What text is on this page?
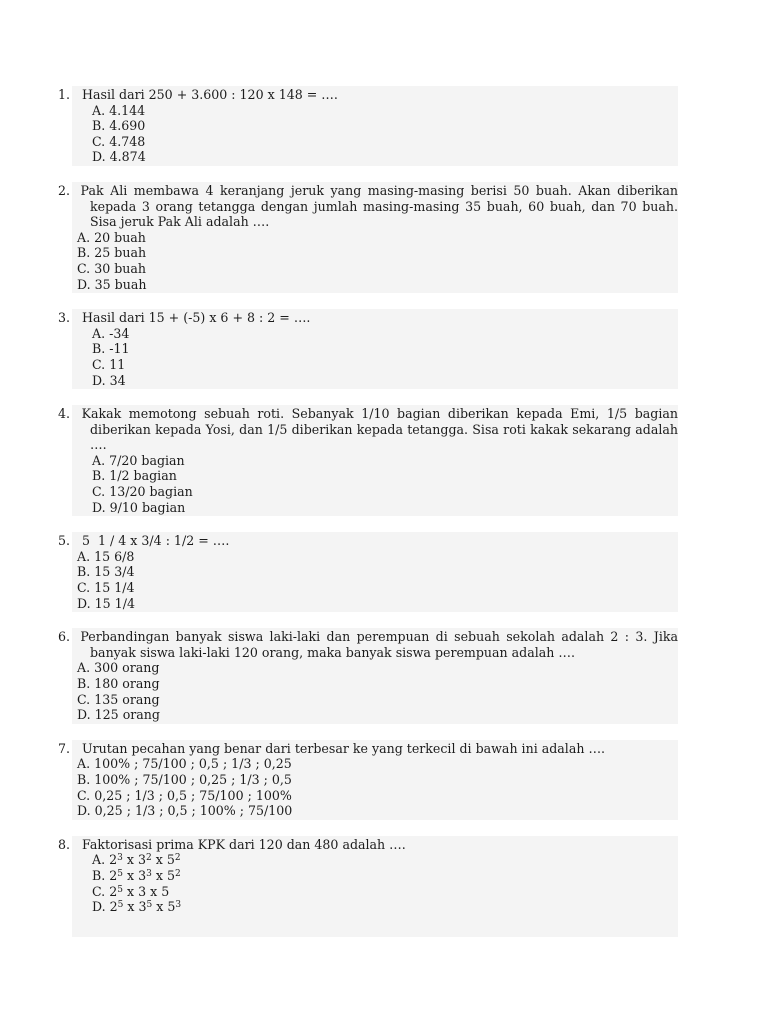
1. Hasil dari 250 + 3.600 : 120 x 148 = ….
A. 4.144
B. 4.690
C. 4.748
D. 4.874
2. Pak Ali membawa 4 keranjang jeruk yang masing-masing berisi 50 buah. Akan diberikan kepada 3 orang tetangga dengan jumlah masing-masing 35 buah, 60 buah, dan 70 buah. Sisa jeruk Pak Ali adalah ….
A. 20 buah
B. 25 buah
C. 30 buah
D. 35 buah
3. Hasil dari 15 + (-5) x 6 + 8 : 2 = ….
A. -34
B. -11
C. 11
D. 34
4. Kakak memotong sebuah roti. Sebanyak 1/10 bagian diberikan kepada Emi, 1/5 bagian diberikan kepada Yosi, dan 1/5 diberikan kepada tetangga. Sisa roti kakak sekarang adalah ….
A. 7/20 bagian
B. 1/2 bagian
C. 13/20 bagian
D. 9/10 bagian
5. 5  1 / 4 x 3/4 : 1/2 = ….
A. 15 6/8
B. 15 3/4
C. 15 1/4
D. 15 1/4
6. Perbandingan banyak siswa laki-laki dan perempuan di sebuah sekolah adalah 2 : 3. Jika banyak siswa laki-laki 120 orang, maka banyak siswa perempuan adalah ….
A. 300 orang
B. 180 orang
C. 135 orang
D. 125 orang
7. Urutan pecahan yang benar dari terbesar ke yang terkecil di bawah ini adalah ….
A. 100% ; 75/100 ; 0,5 ; 1/3 ; 0,25
B. 100% ; 75/100 ; 0,25 ; 1/3 ; 0,5
C. 0,25 ; 1/3 ; 0,5 ; 75/100 ; 100%
D. 0,25 ; 1/3 ; 0,5 ; 100% ; 75/100
8. Faktorisasi prima KPK dari 120 dan 480 adalah ….
A. $2^3$ x $3^2$ x $5^2$
B. $2^5$ x $3^3$ x $5^2$
C. $2^5$ x 3 x 5
D. $2^5$ x $3^5$ x $5^3$
